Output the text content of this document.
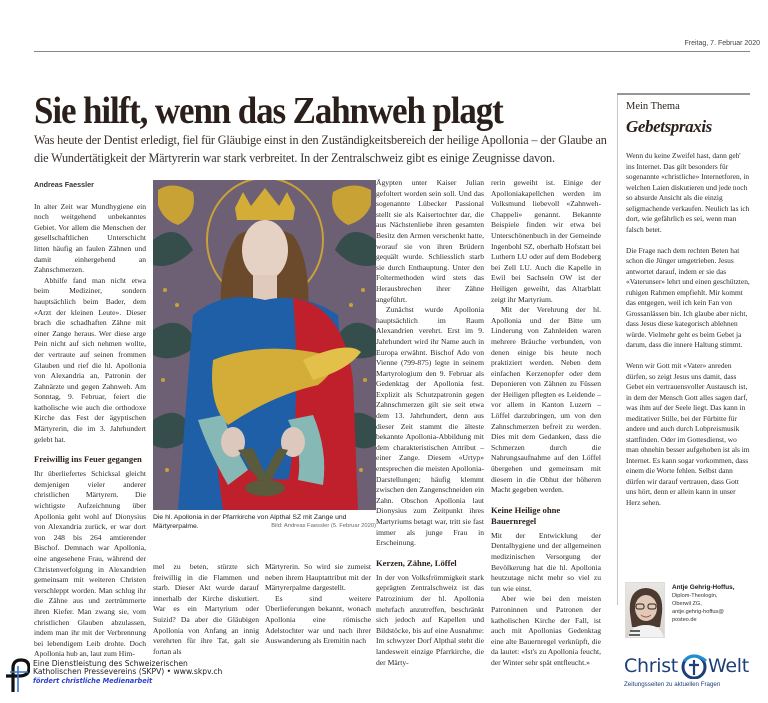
Freitag, 7. Februar 2020
Sie hilft, wenn das Zahnweh plagt

Was heute der Dentist erledigt, fiel für Gläubige einst in den Zuständigkeitsbereich der heilige Apollonia – der Glaube an die Wundertätigkeit der Märtyrerin war stark verbreitet. In der Zentralschweiz gibt es einige Zeugnisse davon.

Andreas Faessler

In alter Zeit war Mundhygiene ein noch weitgehend unbekanntes Gebiet. Vor allem die Menschen der gesellschaftlichen Unterschicht litten häufig an faulen Zähnen und damit einhergehend an Zahnschmerzen.

Abhilfe fand man nicht etwa beim Mediziner, sondern hauptsächlich beim Bader, dem «Arzt der kleinen Leute». Dieser brach die schadhaften Zähne mit einer Zange heraus. Wer diese arge Pein nicht auf sich nehmen wollte, der vertraute auf seinen frommen Glauben und rief die hl. Apollonia von Alexandria an, Patronin der Zahnärzte und gegen Zahnweh. Am Sonntag, 9. Februar, feiert die katholische wie auch die orthodoxe Kirche das Fest der ägyptischen Märtyrerin, die im 3. Jahrhundert gelebt hat.

Freiwillig ins Feuer gegangen

Ihr überliefertes Schicksal gleicht demjenigen vieler anderer christlichen Märtyrern. Die wichtigste Aufzeichnung über Apollonia geht wohl auf Dionysius von Alexandria zurück, er war dort von 248 bis 264 amtierender Bischof. Demnach war Apollonia, eine angesehene Frau, während der Christenverfolgung in Alexandrien gemeinsam mit weiteren Christen verschleppt worden. Man schlug ihr die Zähne aus und zertrümmerte ihren Kiefer. Man zwang sie, vom christlichen Glauben abzulassen, indem man ihr mit der Verbrennung bei lebendigem Leib drohte. Doch Apollonia hub an, laut zum Him-

Die hl. Apollonia in der Pfarrkirche von Alpthal SZ mit Zange und Märtyrerpalme.	Bild: Andreas Faessler (5. Februar 2020)

mel zu beten, stürzte sich freiwillig in die Flammen und starb. Dieser Akt wurde darauf innerhalb der Kirche diskutiert. War es ein Martyrium oder Suizid? Da aber die Gläubigen Apollonia von Anfang an innig verehrten für ihre Tat, galt sie fortan als

Märtyrerin. So wird sie zumeist neben ihrem Hauptattribut mit der Märtyrerpalme dargestellt.

Es sind weitere Überlieferungen bekannt, wonach Apollonia eine römische Adelstochter war und nach ihrer Auswanderung als Eremitin nach

Ägypten unter Kaiser Julian gefoltert worden sein soll. Und das sogenannte Lübecker Passional stellt sie als Kaisertochter dar, die aus Nächstenliebe ihren gesamten Besitz den Armen verschenkt hatte, worauf sie von ihren Brüdern gequält wurde. Schliesslich starb sie durch Enthauptung. Unter den Foltermethoden wird stets das Herausbrechen ihrer Zähne angeführt.

Zunächst wurde Apollonia hauptsächlich im Raum Alexandrien verehrt. Erst im 9. Jahrhundert wird ihr Name auch in Europa erwähnt. Bischof Ado von Vienne (799-875) legte in seinem Martyrologium den 9. Februar als Gedenktag der Apollonia fest. Explizit als Schutzpatronin gegen Zahnschmerzen gilt sie seit etwa dem 13. Jahrhundert, denn aus dieser Zeit stammt die älteste bekannte Apollonia-Abbildung mit dem charakteristischen Attribut – einer Zange. Diesem «Urtyp» entsprechen die meisten Apollonia-Darstellungen; häufig klemmt zwischen den Zangenschneiden ein Zahn. Obschon Apollonia laut Dionysius zum Zeitpunkt ihres Martyriums betagt war, tritt sie fast immer als junge Frau in Erscheinung.

Kerzen, Zähne, Löffel

In der von Volksfrömmigkeit stark geprägten Zentralschweiz ist das Patrozinium der hl. Apollonia mehrfach anzutreffen, beschränkt sich jedoch auf Kapellen und Bildstöcke, bis auf eine Ausnahme: Im schwyzer Dorf Alpthal steht die landesweit einzige Pfarrkirche, die der Märty-

rerin geweiht ist. Einige der Apolloniakapellchen werden im Volksmund liebevoll «Zahnweh-Chappeli» genannt. Bekannte Beispiele finden wir etwa bei Unterschönenbuch in der Gemeinde Ingenbohl SZ, oberhalb Hofstatt bei Luthern LU oder auf dem Bodeberg bei Zell LU. Auch die Kapelle in Ewil bei Sachseln OW ist der Heiligen geweiht, das Altarblatt zeigt ihr Martyrium.

Mit der Verehrung der hl. Apollonia und der Bitte um Linderung von Zahnleiden waren mehrere Bräuche verbunden, von denen einige bis heute noch praktiziert werden. Neben dem einfachen Kerzenopfer oder dem Deponieren von Zähnen zu Füssen der Heiligen pflegten es Leidende – vor allem in Kanton Luzern – Löffel darzubringen, um von den Zahnschmerzen befreit zu werden. Dies mit dem Gedanken, dass die Schmerzen durch die Nahrungsaufnahme auf den Löffel übergehen und gemeinsam mit diesem in die Obhut der höheren Macht gegeben werden.

Keine Heilige ohne Bauernregel

Mit der Entwicklung der Dentalhygiene und der allgemeinen medizinischen Versorgung der Bevölkerung hat die hl. Apollonia heutzutage nicht mehr so viel zu tun wie einst.

Aber wie bei den meisten Patroninnen und Patronen der katholischen Kirche der Fall, ist auch mit Apollonias Gedenktag eine alte Bauernregel verknüpft, die da lautet: «Ist's zu Apollonia feucht, der Winter sehr spät entfleucht.»

Mein Thema
Gebetspraxis

Wenn du keine Zweifel hast, dann geh' ins Internet. Das gilt besonders für sogenannte «christliche» Internetforen, in welchen Laien diskutieren und jede noch so absurde Ansicht als die einzig seligmachende verkaufen. Neulich las ich dort, wie gefährlich es sei, wenn man falsch betet.

Die Frage nach dem rechten Beten hat schon die Jünger umgetrieben. Jesus antwortet darauf, indem er sie das «Vaterunser» lehrt und einen geschützten, ruhigen Rahmen empfiehlt. Mir kommt das entgegen, weil ich kein Fan von Grossanlässen bin. Ich glaube aber nicht, dass Jesus diese kategorisch ablehnen würde. Vielmehr geht es beim Gebet ja darum, dass die innere Haltung stimmt.

Wenn wir Gott mit «Vater» anreden dürfen, so zeigt Jesus uns damit, dass Gebet ein vertrauensvoller Austausch ist, in dem der Mensch Gott alles sagen darf, was ihm auf der Seele liegt. Das kann in meditativer Stille, bei der Fürbitte für andere und auch durch Lobpreismusik stattfinden. Oder im Gottesdienst, wo man ohnehin besser aufgehoben ist als im Internet. Es kann sogar vorkommen, dass einem die Worte fehlen. Selbst dann dürfen wir darauf vertrauen, dass Gott uns hört, denn er allein kann in unser Herz sehen.

Antje Gehrig-Hoffus,
Diplom-Theologin,
Oberwil ZG,
antje.gehrig-hoffus@
posteo.de
Christ Welt
Zeitungsseiten zu aktuellen Fragen
Eine Dienstleistung des Schweizerischen
Katholischen Pressevereins (SKPV) • www.skpv.ch
fördert christliche Medienarbeit
